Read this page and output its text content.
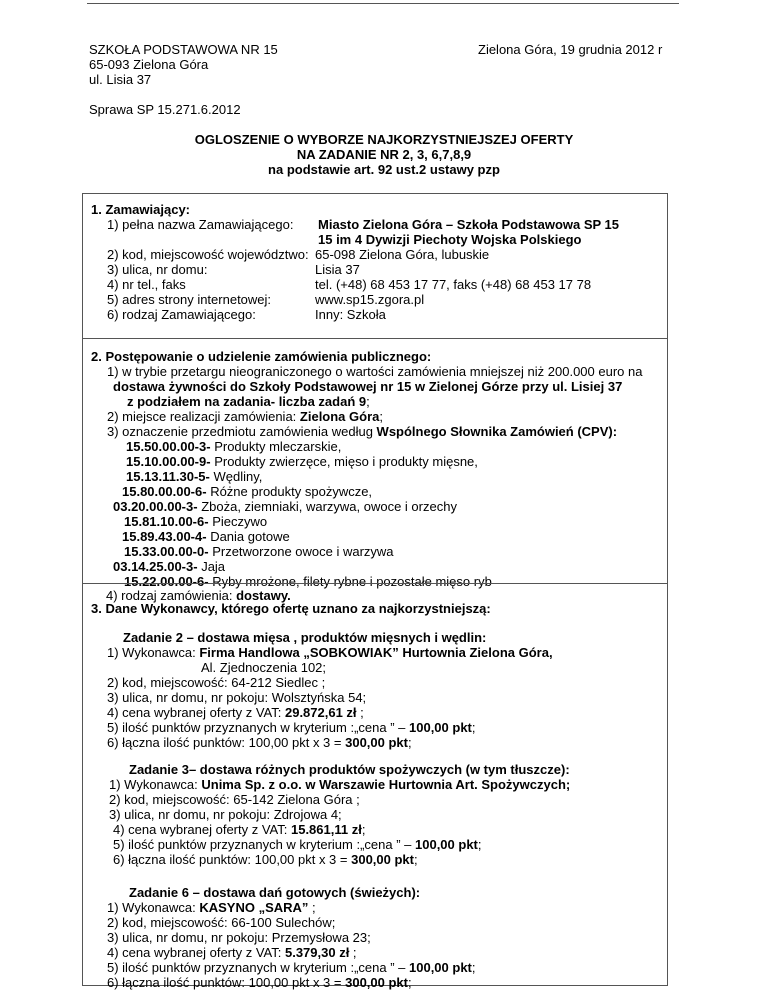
SZKOŁA PODSTAWOWA NR 15
65-093 Zielona Góra
ul. Lisia 37
Zielona Góra, 19 grudnia 2012 r
Sprawa SP 15.271.6.2012
OGLOSZENIE O WYBORZE NAJKORZYSTNIEJSZEJ OFERTY
NA ZADANIE NR 2, 3, 6,7,8,9
na podstawie art. 92 ust.2 ustawy pzp
1. Zamawiający:
1) pełna nazwa Zamawiającego: Miasto Zielona Góra – Szkoła Podstawowa SP 15
15 im 4 Dywizji Piechoty Wojska Polskiego
2) kod, miejscowość województwo: 65-098 Zielona Góra, lubuskie
3) ulica, nr domu:	Lisia 37
4) nr tel., faks	tel. (+48) 68 453 17 77, faks (+48) 68 453 17 78
5) adres strony internetowej:	www.sp15.zgora.pl
6) rodzaj Zamawiającego:	Inny: Szkoła
2. Postępowanie o udzielenie zamówienia publicznego:
1) w trybie przetargu nieograniczonego o wartości zamówienia mniejszej niż 200.000 euro na
dostawa żywności do Szkoły Podstawowej nr 15 w Zielonej Górze przy ul. Lisiej 37
z podziałem na zadania- liczba zadań 9;
2) miejsce realizacji zamówienia: Zielona Góra;
3) oznaczenie przedmiotu zamówienia według Wspólnego Słownika Zamówień (CPV):
15.50.00.00-3- Produkty mleczarskie,
15.10.00.00-9- Produkty zwierzęce, mięso i produkty mięsne,
15.13.11.30-5- Wędliny,
15.80.00.00-6- Różne produkty spożywcze,
03.20.00.00-3- Zboża, ziemniaki, warzywa, owoce i orzechy
15.81.10.00-6- Pieczywo
15.89.43.00-4- Dania gotowe
15.33.00.00-0- Przetworzone owoce i warzywa
03.14.25.00-3- Jaja
15.22.00.00-6- Ryby mrożone, filety rybne i pozostałe mięso ryb
4) rodzaj zamówienia: dostawy.
3. Dane Wykonawcy, którego ofertę uznano za najkorzystniejszą:
Zadanie 2 – dostawa mięsa , produktów mięsnych i wędlin:
1) Wykonawca: Firma Handlowa „SOBKOWIAK” Hurtownia Zielona Góra,
Al. Zjednoczenia 102;
2) kod, miejscowość: 64-212 Siedlec ;
3) ulica, nr domu, nr pokoju: Wolsztyńska 54;
4) cena wybranej oferty z VAT: 29.872,61 zł ;
5) ilość punktów przyznanych w kryterium :„cena ” – 100,00 pkt;
6) łączna ilość punktów: 100,00 pkt x 3 = 300,00 pkt;
Zadanie 3– dostawa różnych produktów spożywczych (w tym tłuszcze):
1) Wykonawca: Unima Sp. z o.o. w Warszawie Hurtownia Art. Spożywczych;
2) kod, miejscowość: 65-142 Zielona Góra ;
3) ulica, nr domu, nr pokoju: Zdrojowa 4;
4) cena wybranej oferty z VAT: 15.861,11 zł;
5) ilość punktów przyznanych w kryterium :„cena ” – 100,00 pkt;
6) łączna ilość punktów: 100,00 pkt x 3 = 300,00 pkt;
Zadanie 6 – dostawa dań gotowych (świeżych):
1) Wykonawca: KASYNO „SARA” ;
2) kod, miejscowość: 66-100 Sulechów;
3) ulica, nr domu, nr pokoju: Przemysłowa 23;
4) cena wybranej oferty z VAT: 5.379,30 zł ;
5) ilość punktów przyznanych w kryterium :„cena ” – 100,00 pkt;
6) łączna ilość punktów: 100,00 pkt x 3 = 300,00 pkt;
